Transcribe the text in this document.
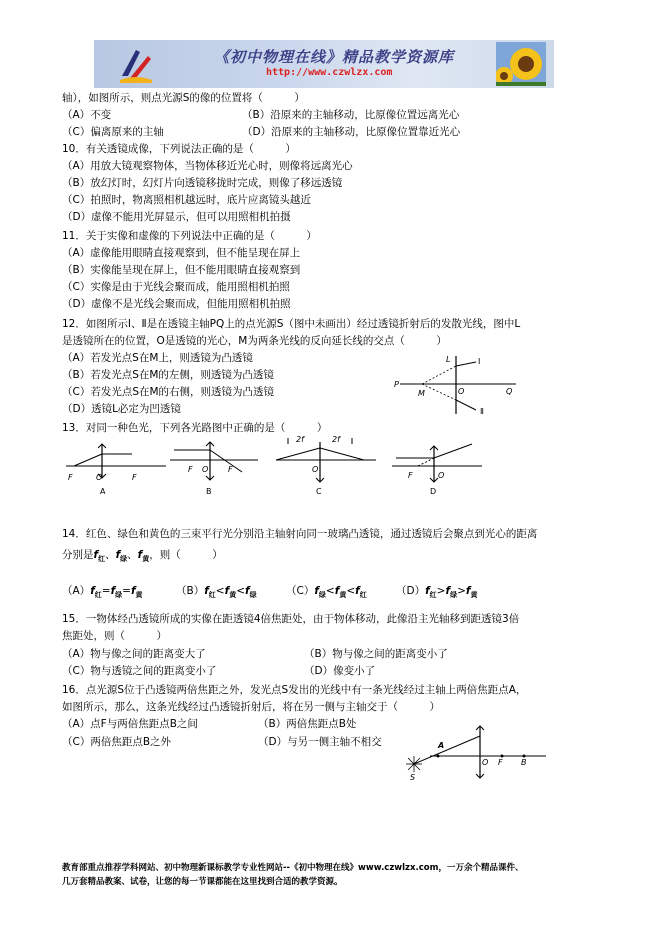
《初中物理在线》精品教学资源库
http://www.czwlzx.com
轴），如图所示，则点光源S的像的位置将（　　　）
（A）不变	（B）沿原来的主轴移动，比原像位置远离光心
（C）偏离原来的主轴	（D）沿原来的主轴移动，比原像位置靠近光心
10．有关透镜成像，下列说法正确的是（　　　）
（A）用放大镜观察物体，当物体移近光心时，则像将远离光心
（B）放幻灯时，幻灯片向透镜移拢时完成，则像了移远透镜
（C）拍照时，物离照相机越远时，底片应离镜头越近
（D）虚像不能用光屏显示，但可以用照相机拍摄
11．关于实像和虚像的下列说法中正确的是（　　　）
（A）虚像能用眼睛直接观察到，但不能呈现在屏上
（B）实像能呈现在屏上，但不能用眼睛直接观察到
（C）实像是由于光线会聚而成，能用照相机拍照
（D）虚像不是光线会聚而成，但能用照相机拍照
12．如图所示Ⅰ、Ⅱ是在透镜主轴PQ上的点光源S（图中未画出）经过透镜折射后的发散光线，图中L
是透镜所在的位置，O是透镜的光心，M为两条光线的反向延长线的交点（　　　）
（A）若发光点S在M上，则透镜为凸透镜
（B）若发光点S在M的左侧，则透镜为凸透镜
（C）若发光点S在M的右侧，则透镜为凸透镜
（D）透镜L必定为凹透镜
L	Ⅰ
P
M	O	Q
Ⅱ
13．对同一种色光，下列各光路图中正确的是（　　　）
F	O	F
A
F O F
B
2f	2f
O
C
F	O
D
14．红色、绿色和黄色的三束平行光分别沿主轴射向同一玻璃凸透镜，通过透镜后会聚点到光心的距离
分别是$f_红$、$f_绿$、$f_黄$，则（　　　）
$(A)f_红=f_绿=f_黄$	$(B)f_红<f_黄<f_绿$	$(C)f_绿<f_黄<f_红$	$(D)f_红>f_绿>f_黄$
15．一物体经凸透镜所成的实像在距透镜4倍焦距处，由于物体移动，此像沿主光轴移到距透镜3倍
焦距处，则（　　　）
（A）物与像之间的距离变大了	（B）物与像之间的距离变小了
（C）物与透镜之间的距离变小了	（D）像变小了
16．点光源S位于凸透镜两倍焦距之外，发光点S发出的光线中有一条光线经过主轴上两倍焦距点A，
如图所示，那么，这条光线经过凸透镜折射后，将在另一侧与主轴交于（　　　）
（A）点F与两倍焦距点B之间	（B）两倍焦距点B处
（C）两倍焦距点B之外	（D）与另一侧主轴不相交	A
O F B
S
教育部重点推荐学科网站、初中物理新课标教学专业性网站--《初中物理在线》www.czwlzx.com，一万余个精品课件、
几万套精品教案、试卷，让您的每一节课都能在这里找到合适的教学资源。
